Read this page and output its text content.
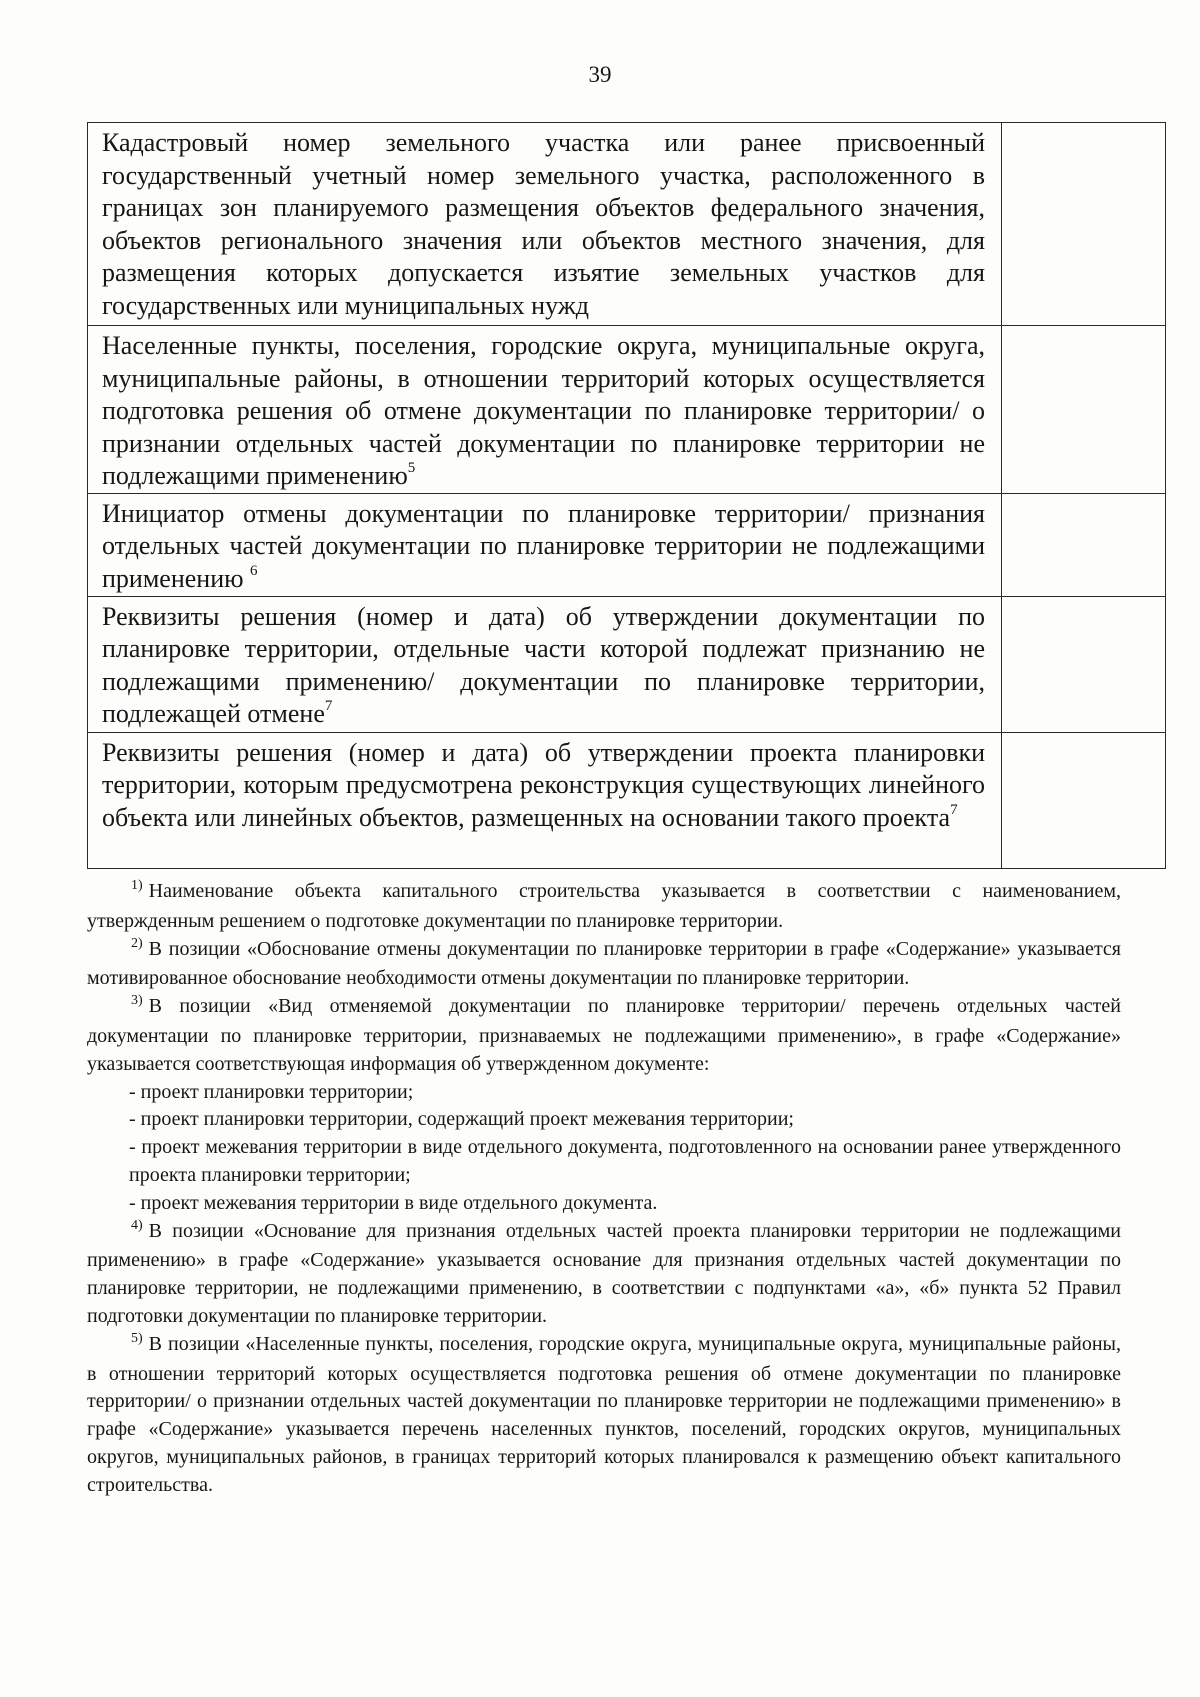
39
Кадастровый номер земельного участка или ранее присвоенный государственный учетный номер земельного участка, расположенного в границах зон планируемого размещения объектов федерального значения, объектов регионального значения или объектов местного значения, для размещения которых допускается изъятие земельных участков для государственных или муниципальных нужд	
Населенные пункты, поселения, городские округа, муниципальные округа, муниципальные районы, в отношении территорий которых осуществляется подготовка решения об отмене документации по планировке территории/ о признании отдельных частей документации по планировке территории не подлежащими применению$^5$	
Инициатор отмены документации по планировке территории/ признания отдельных частей документации по планировке территории не подлежащими применению $^6$	
Реквизиты решения (номер и дата) об утверждении документации по планировке территории, отдельные части которой подлежат признанию не подлежащими применению/ документации по планировке территории, подлежащей отмене$^7$	
Реквизиты решения (номер и дата) об утверждении проекта планировки территории, которым предусмотрена реконструкция существующих линейного объекта или линейных объектов, размещенных на основании такого проекта$^7$	

$^{1)}$ Наименование объекта капитального строительства указывается в соответствии с наименованием, утвержденным решением о подготовке документации по планировке территории.

$^{2)}$ В позиции «Обоснование отмены документации по планировке территории в графе «Содержание» указывается мотивированное обоснование необходимости отмены документации по планировке территории.

$^{3)}$ В позиции «Вид отменяемой документации по планировке территории/ перечень отдельных частей документации по планировке территории, признаваемых не подлежащими применению», в графе «Содержание» указывается соответствующая информация об утвержденном документе:

- проект планировки территории;

- проект планировки территории, содержащий проект межевания территории;

- проект межевания территории в виде отдельного документа, подготовленного на основании ранее утвержденного проекта планировки территории;

- проект межевания территории в виде отдельного документа.

$^{4)}$ В позиции «Основание для признания отдельных частей проекта планировки территории не подлежащими применению» в графе «Содержание» указывается основание для признания отдельных частей документации по планировке территории, не подлежащими применению, в соответствии с подпунктами «а», «б» пункта 52 Правил подготовки документации по планировке территории.

$^{5)}$ В позиции «Населенные пункты, поселения, городские округа, муниципальные округа, муниципальные районы, в отношении территорий которых осуществляется подготовка решения об отмене документации по планировке территории/ о признании отдельных частей документации по планировке территории не подлежащими применению» в графе «Содержание» указывается перечень населенных пунктов, поселений, городских округов, муниципальных округов, муниципальных районов, в границах территорий которых планировался к размещению объект капитального строительства.
